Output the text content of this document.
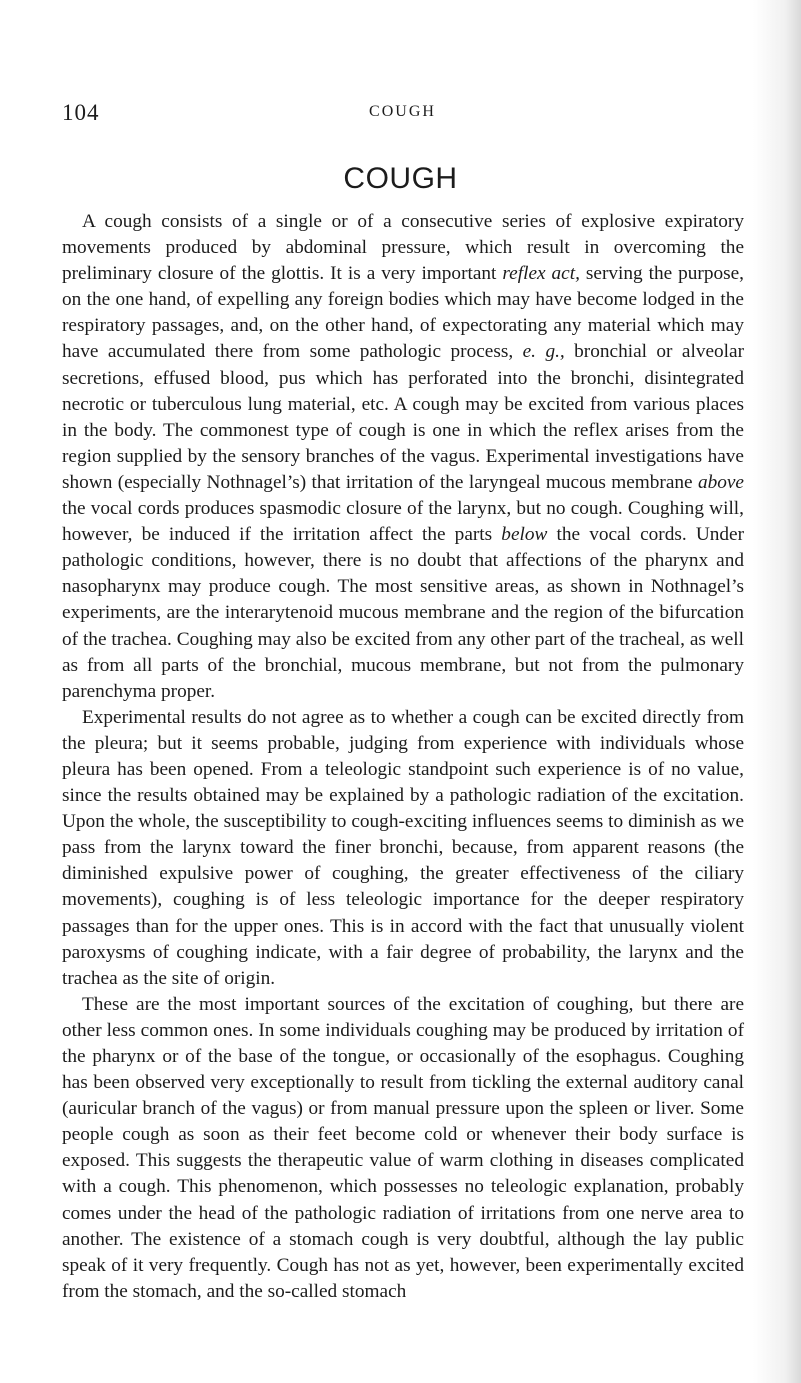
104	COUGH
COUGH

A cough consists of a single or of a consecutive series of explosive expiratory movements produced by abdominal pressure, which result in overcoming the preliminary closure of the glottis. It is a very important reflex act, serving the purpose, on the one hand, of expelling any foreign bodies which may have become lodged in the respiratory passages, and, on the other hand, of expectorating any material which may have accumulated there from some pathologic process, e. g., bronchial or alveolar secretions, effused blood, pus which has perforated into the bronchi, disintegrated necrotic or tuberculous lung material, etc. A cough may be excited from various places in the body. The commonest type of cough is one in which the reflex arises from the region supplied by the sensory branches of the vagus. Experimental investigations have shown (especially Nothnagel’s) that irritation of the laryngeal mucous membrane above the vocal cords produces spasmodic closure of the larynx, but no cough. Coughing will, however, be induced if the irritation affect the parts below the vocal cords. Under pathologic conditions, however, there is no doubt that affections of the pharynx and nasopharynx may produce cough. The most sensitive areas, as shown in Nothnagel’s experiments, are the interarytenoid mucous membrane and the region of the bifurcation of the trachea. Coughing may also be excited from any other part of the tracheal, as well as from all parts of the bronchial, mucous membrane, but not from the pulmonary parenchyma proper.

Experimental results do not agree as to whether a cough can be excited directly from the pleura; but it seems probable, judging from experience with individuals whose pleura has been opened. From a teleologic standpoint such experience is of no value, since the results obtained may be explained by a pathologic radiation of the excitation. Upon the whole, the susceptibility to cough-exciting influences seems to diminish as we pass from the larynx toward the finer bronchi, because, from apparent reasons (the diminished expulsive power of coughing, the greater effectiveness of the ciliary movements), coughing is of less teleologic importance for the deeper respiratory passages than for the upper ones. This is in accord with the fact that unusually violent paroxysms of coughing indicate, with a fair degree of probability, the larynx and the trachea as the site of origin.

These are the most important sources of the excitation of coughing, but there are other less common ones. In some individuals coughing may be produced by irritation of the pharynx or of the base of the tongue, or occasionally of the esophagus. Coughing has been observed very exceptionally to result from tickling the external auditory canal (auricular branch of the vagus) or from manual pressure upon the spleen or liver. Some people cough as soon as their feet become cold or whenever their body surface is exposed. This suggests the therapeutic value of warm clothing in diseases complicated with a cough. This phenomenon, which possesses no teleologic explanation, probably comes under the head of the pathologic radiation of irritations from one nerve area to another. The existence of a stomach cough is very doubtful, although the lay public speak of it very frequently. Cough has not as yet, however, been experimentally excited from the stomach, and the so-called stomach
